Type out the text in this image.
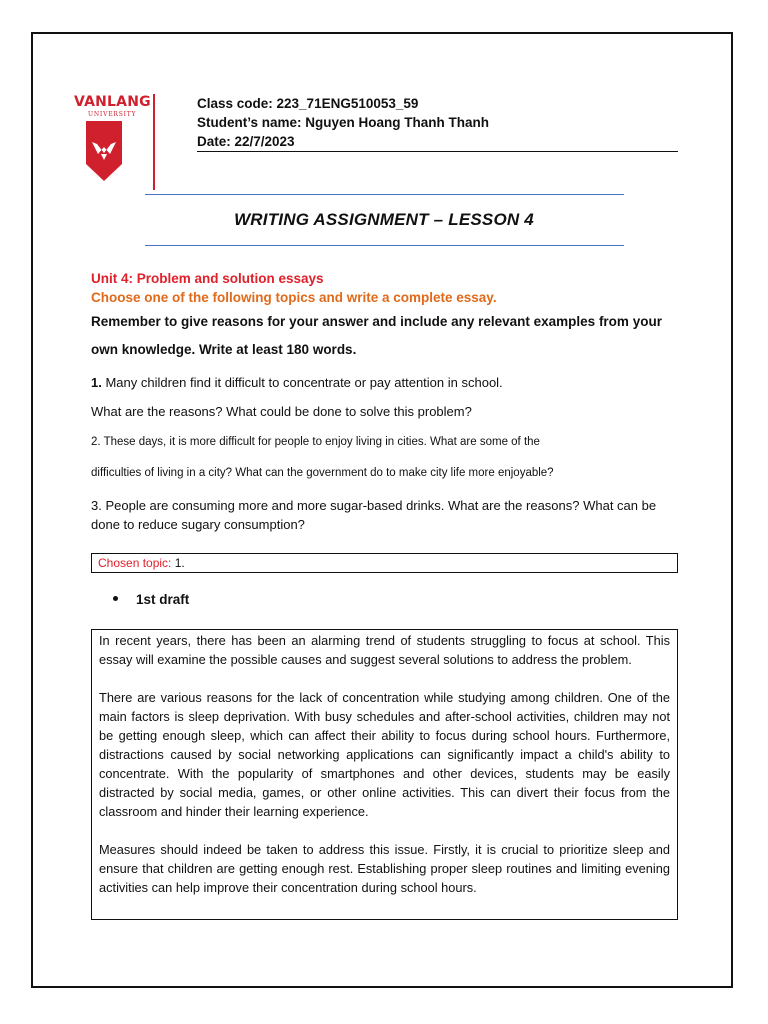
VANLANG
UNIVERSITY
Class code: 223_71ENG510053_59
Student’s name: Nguyen Hoang Thanh Thanh
Date: 22/7/2023
WRITING ASSIGNMENT – LESSON 4
Unit 4: Problem and solution essays
Choose one of the following topics and write a complete essay.
Remember to give reasons for your answer and include any relevant examples from your own knowledge. Write at least 180 words.
1. Many children find it difficult to concentrate or pay attention in school.
What are the reasons? What could be done to solve this problem?
2. These days, it is more difficult for people to enjoy living in cities. What are some of the
difficulties of living in a city? What can the government do to make city life more enjoyable?
3. People are consuming more and more sugar-based drinks. What are the reasons? What can be done to reduce sugary consumption?
Chosen topic: 1.
1st draft

In recent years, there has been an alarming trend of students struggling to focus at school. This essay will examine the possible causes and suggest several solutions to address the problem.

There are various reasons for the lack of concentration while studying among children. One of the main factors is sleep deprivation. With busy schedules and after-school activities, children may not be getting enough sleep, which can affect their ability to focus during school hours. Furthermore, distractions caused by social networking applications can significantly impact a child's ability to concentrate. With the popularity of smartphones and other devices, students may be easily distracted by social media, games, or other online activities. This can divert their focus from the classroom and hinder their learning experience.

Measures should indeed be taken to address this issue. Firstly, it is crucial to prioritize sleep and ensure that children are getting enough rest. Establishing proper sleep routines and limiting evening activities can help improve their concentration during school hours.
